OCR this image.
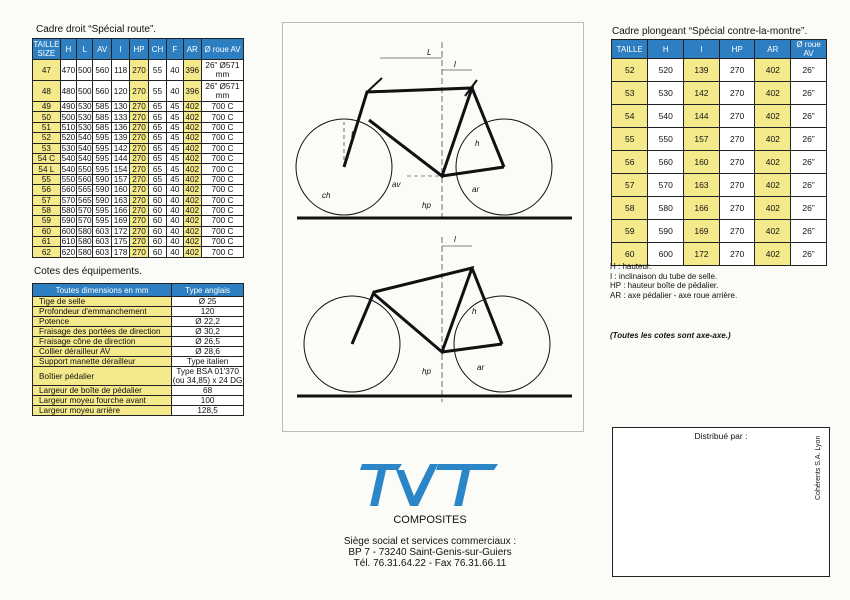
Cadre droit “Spécial route”.
TAILLE SIZE	H	L	AV	I	HP	CH	F	AR	Ø roue AV
47	470	500	560	118	270	55	40	396	26” Ø571 mm
48	480	500	560	120	270	55	40	396	26” Ø571 mm
49	490	530	585	130	270	65	45	402	700 C
50	500	530	585	133	270	65	45	402	700 C
51	510	530	585	136	270	65	45	402	700 C
52	520	540	595	139	270	65	45	402	700 C
53	530	540	595	142	270	65	45	402	700 C
54 C	540	540	595	144	270	65	45	402	700 C
54 L	540	550	595	154	270	65	45	402	700 C
55	550	560	590	157	270	65	45	402	700 C
56	560	565	590	160	270	60	40	402	700 C
57	570	565	590	163	270	60	40	402	700 C
58	580	570	595	166	270	60	40	402	700 C
59	590	570	595	169	270	60	40	402	700 C
60	600	580	603	172	270	60	40	402	700 C
61	610	580	603	175	270	60	40	402	700 C
62	620	580	603	178	270	60	40	402	700 C
Cotes des équipements.
Toutes dimensions en mm	Type anglais
Tige de selle	Ø 25
Profondeur d'emmanchement	120
Potence	Ø 22,2
Fraisage des portées de direction	Ø 30,2
Fraisage cône de direction	Ø 26,5
Collier dérailleur AV	Ø 28,6
Support manette dérailleur	Type italien
Boîtier pédalier	Type BSA 01'370 (ou 34,85) x 24 DG
Largeur de boîte de pédalier	68
Largeur moyeu fourche avant	100
Largeur moyeu arrière	128,5
L
l
h
f
ch
av
ar
hp
l
h
ar
hp
Cadre plongeant “Spécial contre-la-montre”.
TAILLE	H	I	HP	AR	Ø roue AV
52	520	139	270	402	26”
53	530	142	270	402	26”
54	540	144	270	402	26”
55	550	157	270	402	26”
56	560	160	270	402	26”
57	570	163	270	402	26”
58	580	166	270	402	26”
59	590	169	270	402	26”
60	600	172	270	402	26”
H : hauteur.
I : inclinaison du tube de selle.
HP : hauteur boîte de pédalier.
AR : axe pédalier - axe roue arrière.
(Toutes les cotes sont axe-axe.)
Distribué par :	Cohérents S.A. Lyon
COMPOSITES
Siège social et services commerciaux :
BP 7 - 73240 Saint-Genis-sur-Guiers
Tél. 76.31.64.22 - Fax 76.31.66.11
